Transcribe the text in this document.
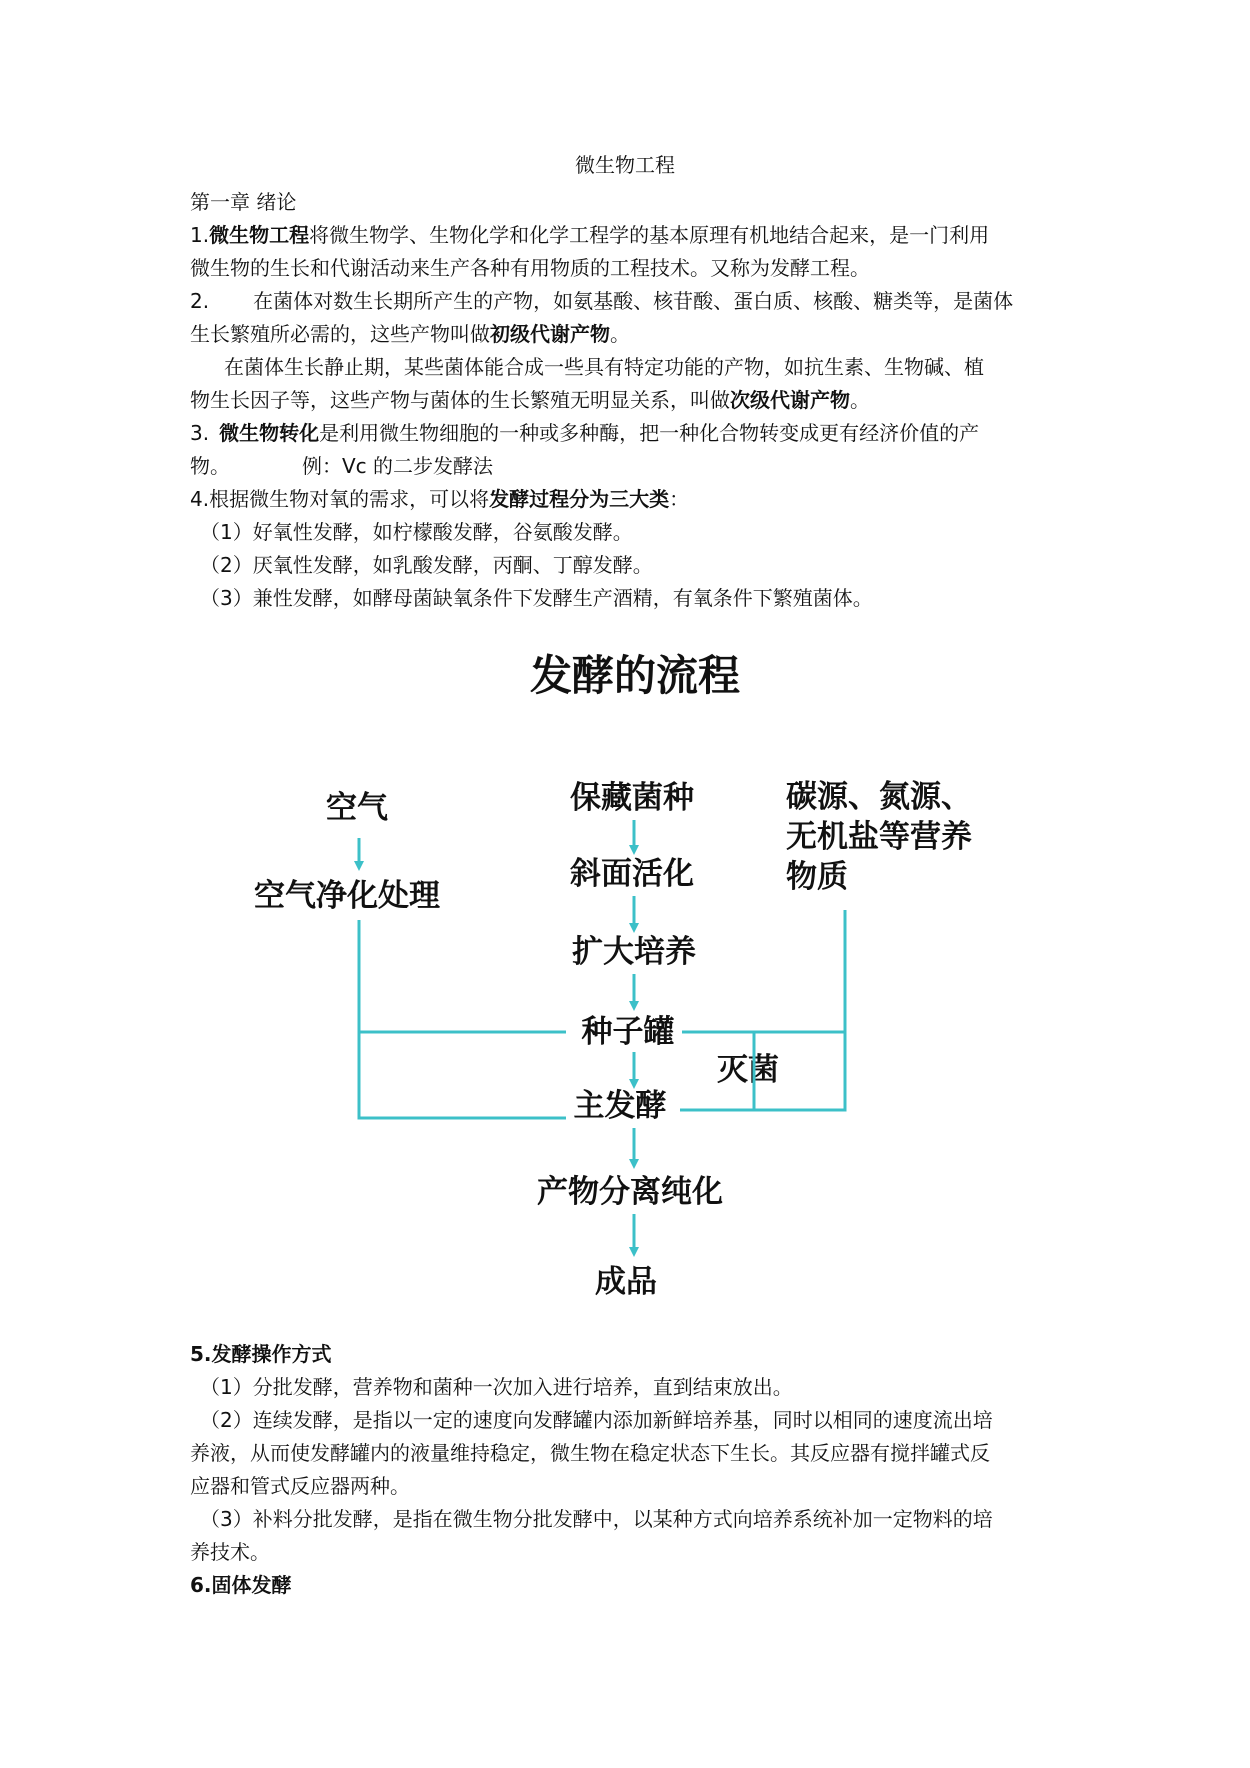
微生物工程

第一章 绪论

1.微生物工程将微生物学、生物化学和化学工程学的基本原理有机地结合起来，是一门利用

微生物的生长和代谢活动来生产各种有用物质的工程技术。又称为发酵工程。

2. 在菌体对数生长期所产生的产物，如氨基酸、核苷酸、蛋白质、核酸、糖类等，是菌体

生长繁殖所必需的，这些产物叫做初级代谢产物。

在菌体生长静止期，某些菌体能合成一些具有特定功能的产物，如抗生素、生物碱、植

物生长因子等，这些产物与菌体的生长繁殖无明显关系，叫做次级代谢产物。

3. 微生物转化是利用微生物细胞的一种或多种酶，把一种化合物转变成更有经济价值的产

物。	例：Vc 的二步发酵法

4.根据微生物对氧的需求，可以将发酵过程分为三大类：

（1）好氧性发酵，如柠檬酸发酵，谷氨酸发酵。

（2）厌氧性发酵，如乳酸发酵，丙酮、丁醇发酵。

（3）兼性发酵，如酵母菌缺氧条件下发酵生产酒精，有氧条件下繁殖菌体。

发酵的流程
空气
空气净化处理
保藏菌种
斜面活化
扩大培养
种子罐
主发酵
产物分离纯化
成品
碳源、氮源、
无机盐等营养
物质
灭菌

5.发酵操作方式

（1）分批发酵，营养物和菌种一次加入进行培养，直到结束放出。

（2）连续发酵，是指以一定的速度向发酵罐内添加新鲜培养基，同时以相同的速度流出培

养液，从而使发酵罐内的液量维持稳定，微生物在稳定状态下生长。其反应器有搅拌罐式反

应器和管式反应器两种。

（3）补料分批发酵，是指在微生物分批发酵中，以某种方式向培养系统补加一定物料的培

养技术。

6.固体发酵
